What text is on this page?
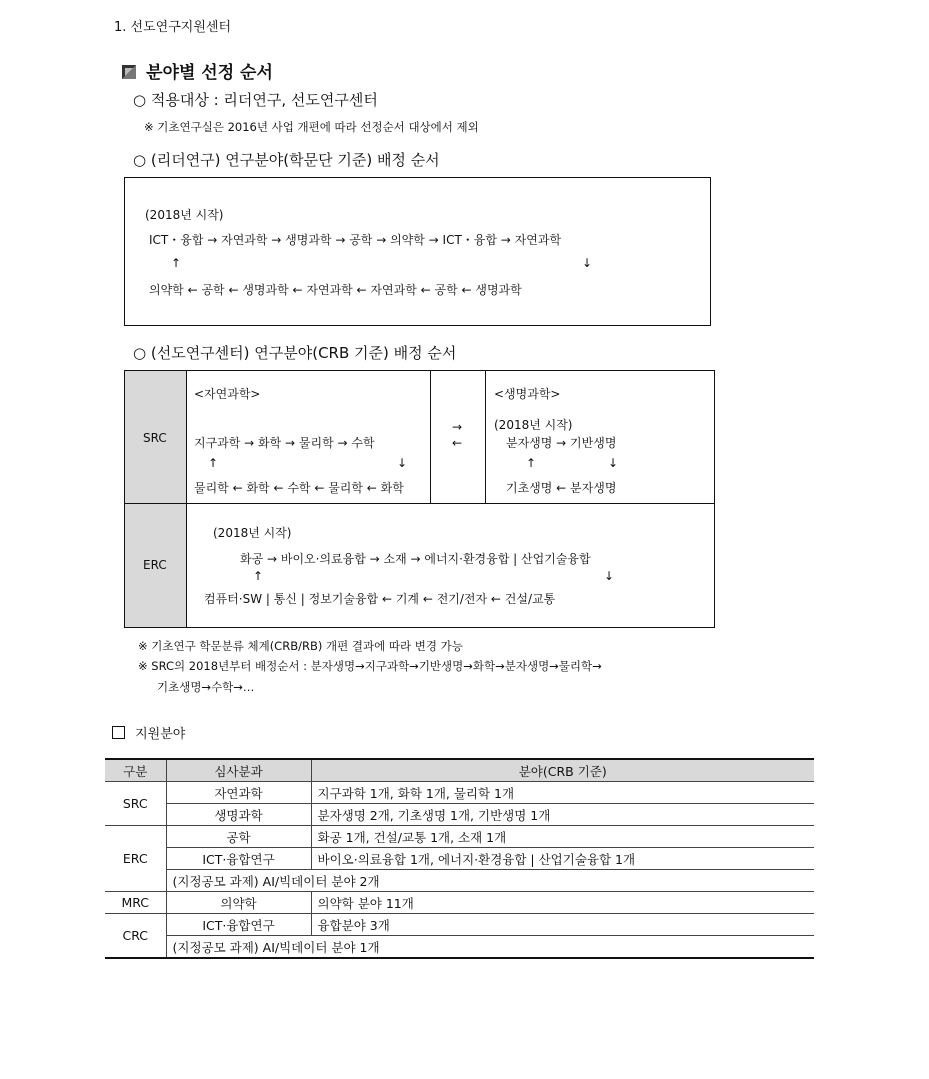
1. 선도연구지원센터
분야별 선정 순서
○ 적용대상 : 리더연구, 선도연구센터
※ 기초연구실은 2016년 사업 개편에 따라 선정순서 대상에서 제외
○ (리더연구) 연구분야(학문단 기준) 배정 순서
(2018년 시작)
ICT・융합 → 자연과학 → 생명과학 → 공학 → 의약학 → ICT・융합 → 자연과학
↑	↓
의약학 ← 공학 ← 생명과학 ← 자연과학 ← 자연과학 ← 공학 ← 생명과학
○ (선도연구센터) 연구분야(CRB 기준) 배정 순서
SRC
<자연과학>
지구과학 → 화학 → 물리학 → 수학
↑	↓
물리학 ← 화학 ← 수학 ← 물리학 ← 화학
→
←
<생명과학>
(2018년 시작)
분자생명 → 기반생명
↑	↓
기초생명 ← 분자생명
ERC
(2018년 시작)
화공 → 바이오·의료융합 → 소재 → 에너지·환경융합 | 산업기술융합
↑	↓
컴퓨터·SW | 통신 | 정보기술융합 ← 기계 ← 전기/전자 ← 건설/교통
※ 기초연구 학문분류 체계(CRB/RB) 개편 결과에 따라 변경 가능
※ SRC의 2018년부터 배정순서 : 분자생명→지구과학→기반생명→화학→분자생명→물리학→
기초생명→수학→…
지원분야
구분	심사분과	분야(CRB 기준)
SRC	자연과학	지구과학 1개, 화학 1개, 물리학 1개
	생명과학	분자생명 2개, 기초생명 1개, 기반생명 1개
ERC	공학	화공 1개, 건설/교통 1개, 소재 1개
	ICT·융합연구	바이오·의료융합 1개, 에너지·환경융합 | 산업기술융합 1개
	(지정공모 과제) AI/빅데이터 분야 2개	
MRC	의약학	의약학 분야 11개
CRC	ICT·융합연구	융합분야 3개
	(지정공모 과제) AI/빅데이터 분야 1개	
